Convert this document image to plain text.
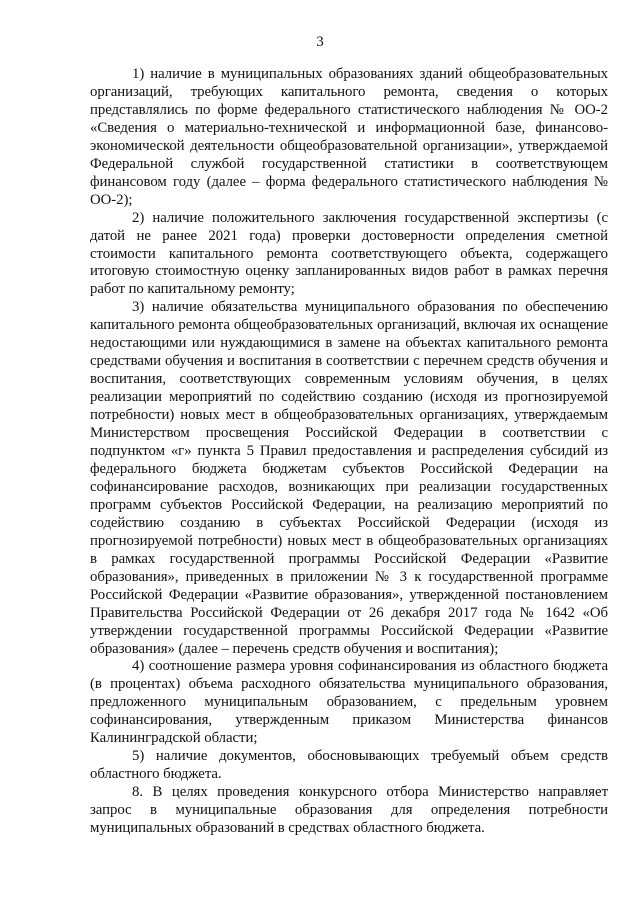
3

1) наличие в муниципальных образованиях зданий общеобразовательных организаций, требующих капитального ремонта, сведения о которых представлялись по форме федерального статистического наблюдения № ОО-2 «Сведения о материально-технической и информационной базе, финансово-экономической деятельности общеобразовательной организации», утверждаемой Федеральной службой государственной статистики в соответствующем финансовом году (далее – форма федерального статистического наблюдения № ОО-2);

2) наличие положительного заключения государственной экспертизы (с датой не ранее 2021 года) проверки достоверности определения сметной стоимости капитального ремонта соответствующего объекта, содержащего итоговую стоимостную оценку запланированных видов работ в рамках перечня работ по капитальному ремонту;

3) наличие обязательства муниципального образования по обеспечению капитального ремонта общеобразовательных организаций, включая их оснащение недостающими или нуждающимися в замене на объектах капитального ремонта средствами обучения и воспитания в соответствии с перечнем средств обучения и воспитания, соответствующих современным условиям обучения, в целях реализации мероприятий по содействию созданию (исходя из прогнозируемой потребности) новых мест в общеобразовательных организациях, утверждаемым Министерством просвещения Российской Федерации в соответствии с подпунктом «г» пункта 5 Правил предоставления и распределения субсидий из федерального бюджета бюджетам субъектов Российской Федерации на софинансирование расходов, возникающих при реализации государственных программ субъектов Российской Федерации, на реализацию мероприятий по содействию созданию в субъектах Российской Федерации (исходя из прогнозируемой потребности) новых мест в общеобразовательных организациях в рамках государственной программы Российской Федерации «Развитие образования», приведенных в приложении № 3 к государственной программе Российской Федерации «Развитие образования», утвержденной постановлением Правительства Российской Федерации от 26 декабря 2017 года № 1642 «Об утверждении государственной программы Российской Федерации «Развитие образования» (далее – перечень средств обучения и воспитания);

4) соотношение размера уровня софинансирования из областного бюджета (в процентах) объема расходного обязательства муниципального образования, предложенного муниципальным образованием, с предельным уровнем софинансирования, утвержденным приказом Министерства финансов Калининградской области;

5) наличие документов, обосновывающих требуемый объем средств областного бюджета.

8. В целях проведения конкурсного отбора Министерство направляет запрос в муниципальные образования для определения потребности муниципальных образований в средствах областного бюджета.
